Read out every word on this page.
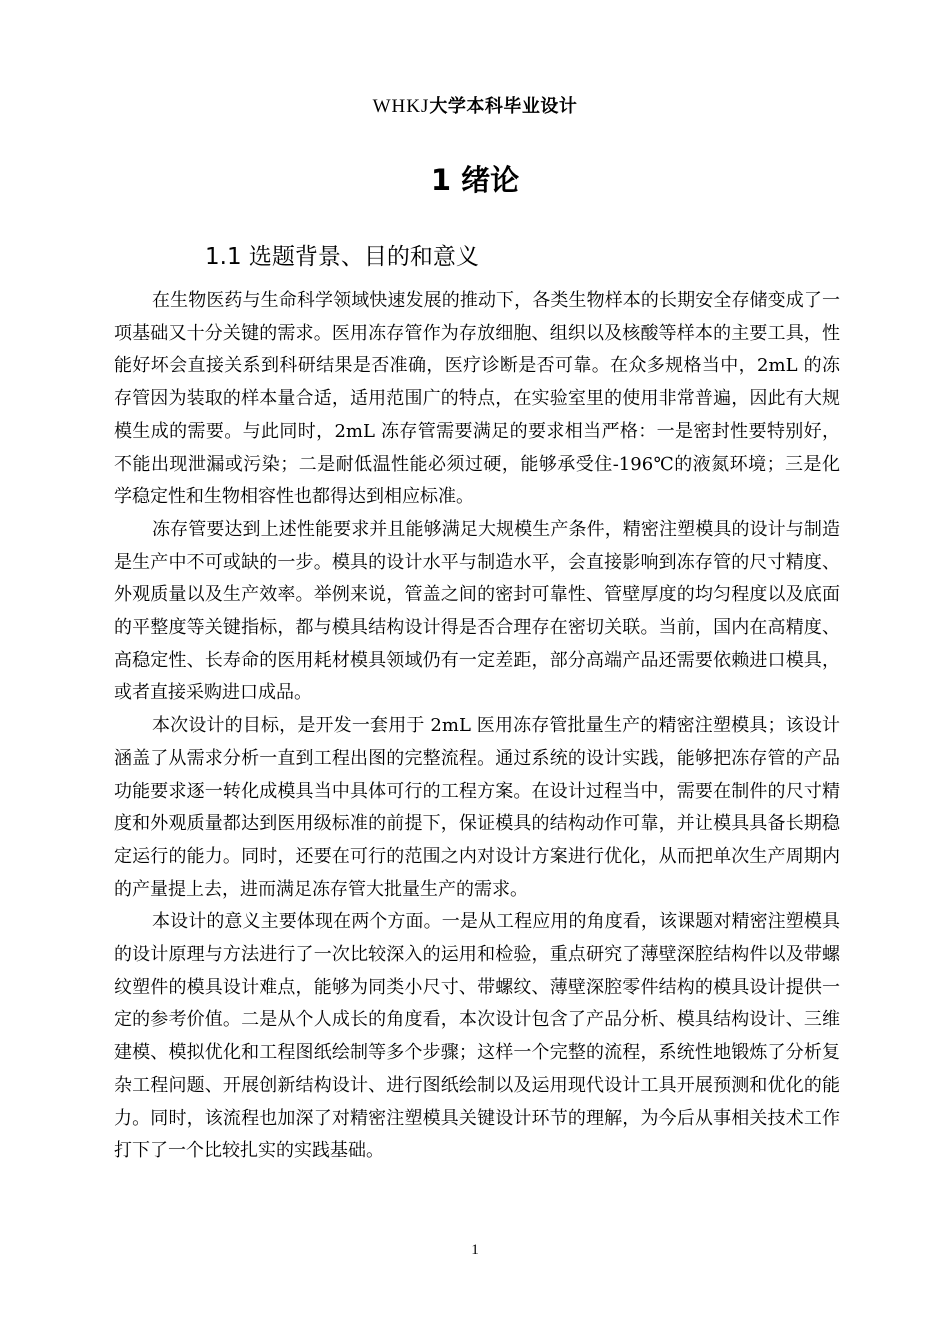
WHKJ大学本科毕业设计
1 绪论
1.1 选题背景、目的和意义

在生物医药与生命科学领域快速发展的推动下，各类生物样本的长期安全存储变成了一项基础又十分关键的需求。医用冻存管作为存放细胞、组织以及核酸等样本的主要工具，性能好坏会直接关系到科研结果是否准确，医疗诊断是否可靠。在众多规格当中，2mL 的冻存管因为装取的样本量合适，适用范围广的特点，在实验室里的使用非常普遍，因此有大规模生成的需要。与此同时，2mL 冻存管需要满足的要求相当严格：一是密封性要特别好，不能出现泄漏或污染；二是耐低温性能必须过硬，能够承受住-196℃的液氮环境；三是化学稳定性和生物相容性也都得达到相应标准。

冻存管要达到上述性能要求并且能够满足大规模生产条件，精密注塑模具的设计与制造是生产中不可或缺的一步。模具的设计水平与制造水平，会直接影响到冻存管的尺寸精度、外观质量以及生产效率。举例来说，管盖之间的密封可靠性、管壁厚度的均匀程度以及底面的平整度等关键指标，都与模具结构设计得是否合理存在密切关联。当前，国内在高精度、高稳定性、长寿命的医用耗材模具领域仍有一定差距，部分高端产品还需要依赖进口模具，或者直接采购进口成品。

本次设计的目标，是开发一套用于 2mL 医用冻存管批量生产的精密注塑模具；该设计涵盖了从需求分析一直到工程出图的完整流程。通过系统的设计实践，能够把冻存管的产品功能要求逐一转化成模具当中具体可行的工程方案。在设计过程当中，需要在制件的尺寸精度和外观质量都达到医用级标准的前提下，保证模具的结构动作可靠，并让模具具备长期稳定运行的能力。同时，还要在可行的范围之内对设计方案进行优化，从而把单次生产周期内的产量提上去，进而满足冻存管大批量生产的需求。

本设计的意义主要体现在两个方面。一是从工程应用的角度看，该课题对精密注塑模具的设计原理与方法进行了一次比较深入的运用和检验，重点研究了薄壁深腔结构件以及带螺纹塑件的模具设计难点，能够为同类小尺寸、带螺纹、薄壁深腔零件结构的模具设计提供一定的参考价值。二是从个人成长的角度看，本次设计包含了产品分析、模具结构设计、三维建模、模拟优化和工程图纸绘制等多个步骤；这样一个完整的流程，系统性地锻炼了分析复杂工程问题、开展创新结构设计、进行图纸绘制以及运用现代设计工具开展预测和优化的能力。同时，该流程也加深了对精密注塑模具关键设计环节的理解，为今后从事相关技术工作打下了一个比较扎实的实践基础。

1
